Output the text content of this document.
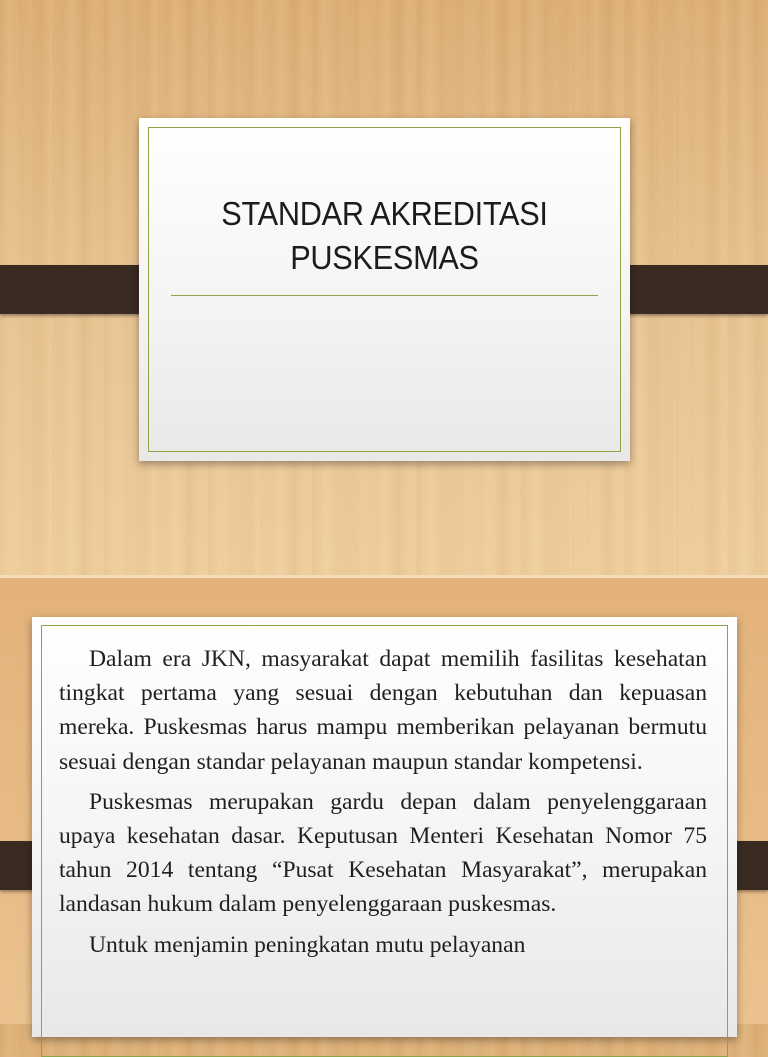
STANDAR AKREDITASI
PUSKESMAS

Dalam era JKN, masyarakat dapat memilih fasilitas kesehatan tingkat pertama yang sesuai dengan kebutuhan dan kepuasan mereka. Puskesmas harus mampu memberikan pelayanan bermutu sesuai dengan standar pelayanan maupun standar kompetensi.

Puskesmas merupakan gardu depan dalam penyelenggaraan upaya kesehatan dasar. Keputusan Menteri Kesehatan Nomor 75 tahun 2014 tentang “Pusat Kesehatan Masyarakat”, merupakan landasan hukum dalam penyelenggaraan puskesmas.

Untuk menjamin peningkatan mutu pelayanan
